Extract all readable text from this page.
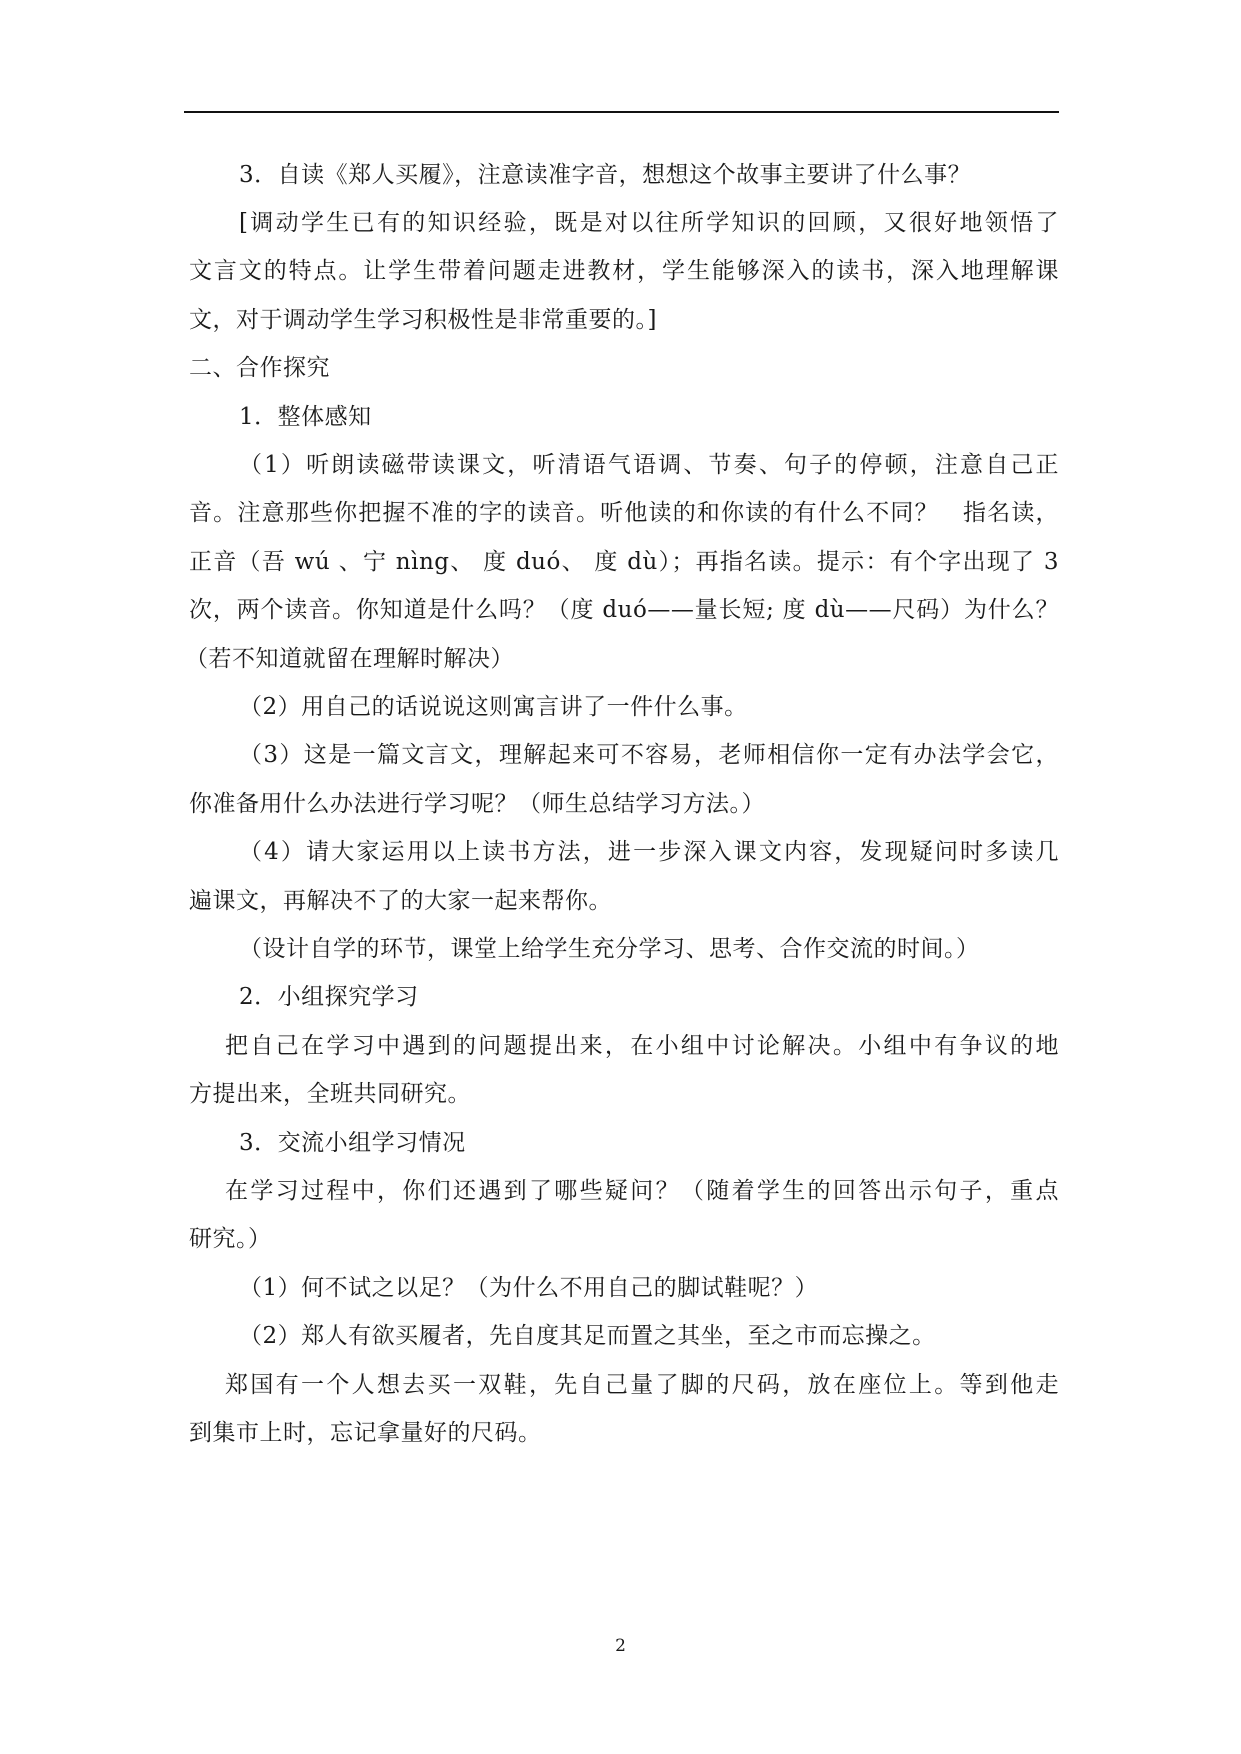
3．自读《郑人买履》，注意读准字音，想想这个故事主要讲了什么事？
[调动学生已有的知识经验，既是对以往所学知识的回顾，又很好地领悟了
文言文的特点。让学生带着问题走进教材，学生能够深入的读书，深入地理解课
文，对于调动学生学习积极性是非常重要的。]
二、合作探究
1．整体感知
（1）听朗读磁带读课文，听清语气语调、节奏、句子的停顿，注意自己正
音。注意那些你把握不准的字的读音。听他读的和你读的有什么不同？　指名读，
正音（吾 wú 、宁 nìng、 度 duó、 度 dù）；再指名读。提示：有个字出现了 3
次，两个读音。你知道是什么吗？（度 duó——量长短; 度 dù——尺码）为什么？
（若不知道就留在理解时解决）
（2）用自己的话说说这则寓言讲了一件什么事。
（3）这是一篇文言文，理解起来可不容易，老师相信你一定有办法学会它，
你准备用什么办法进行学习呢？（师生总结学习方法。）
（4）请大家运用以上读书方法，进一步深入课文内容，发现疑问时多读几
遍课文，再解决不了的大家一起来帮你。
（设计自学的环节，课堂上给学生充分学习、思考、合作交流的时间。）
2．小组探究学习
把自己在学习中遇到的问题提出来，在小组中讨论解决。小组中有争议的地
方提出来，全班共同研究。
3．交流小组学习情况
在学习过程中，你们还遇到了哪些疑问？（随着学生的回答出示句子，重点
研究。）
（1）何不试之以足？（为什么不用自己的脚试鞋呢？）
（2）郑人有欲买履者，先自度其足而置之其坐，至之市而忘操之。
郑国有一个人想去买一双鞋，先自己量了脚的尺码，放在座位上。等到他走
到集市上时，忘记拿量好的尺码。
2
